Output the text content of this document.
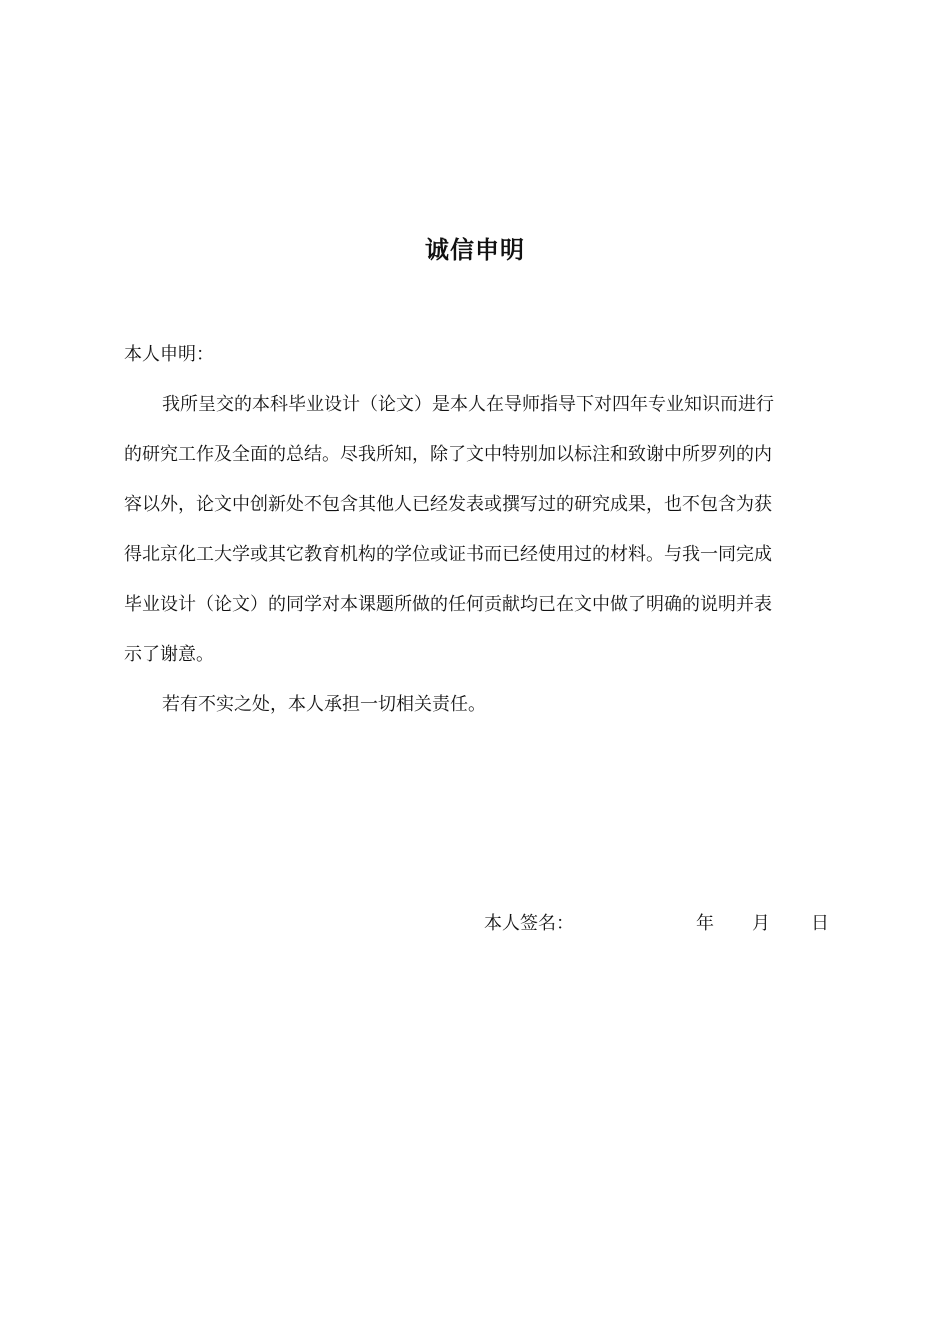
诚信申明
本人申明：
我所呈交的本科毕业设计（论文）是本人在导师指导下对四年专业知识而进行
的研究工作及全面的总结。尽我所知，除了文中特别加以标注和致谢中所罗列的内
容以外，论文中创新处不包含其他人已经发表或撰写过的研究成果，也不包含为获
得北京化工大学或其它教育机构的学位或证书而已经使用过的材料。与我一同完成
毕业设计（论文）的同学对本课题所做的任何贡献均已在文中做了明确的说明并表
示了谢意。
若有不实之处，本人承担一切相关责任。
本人签名：	年 月 日
